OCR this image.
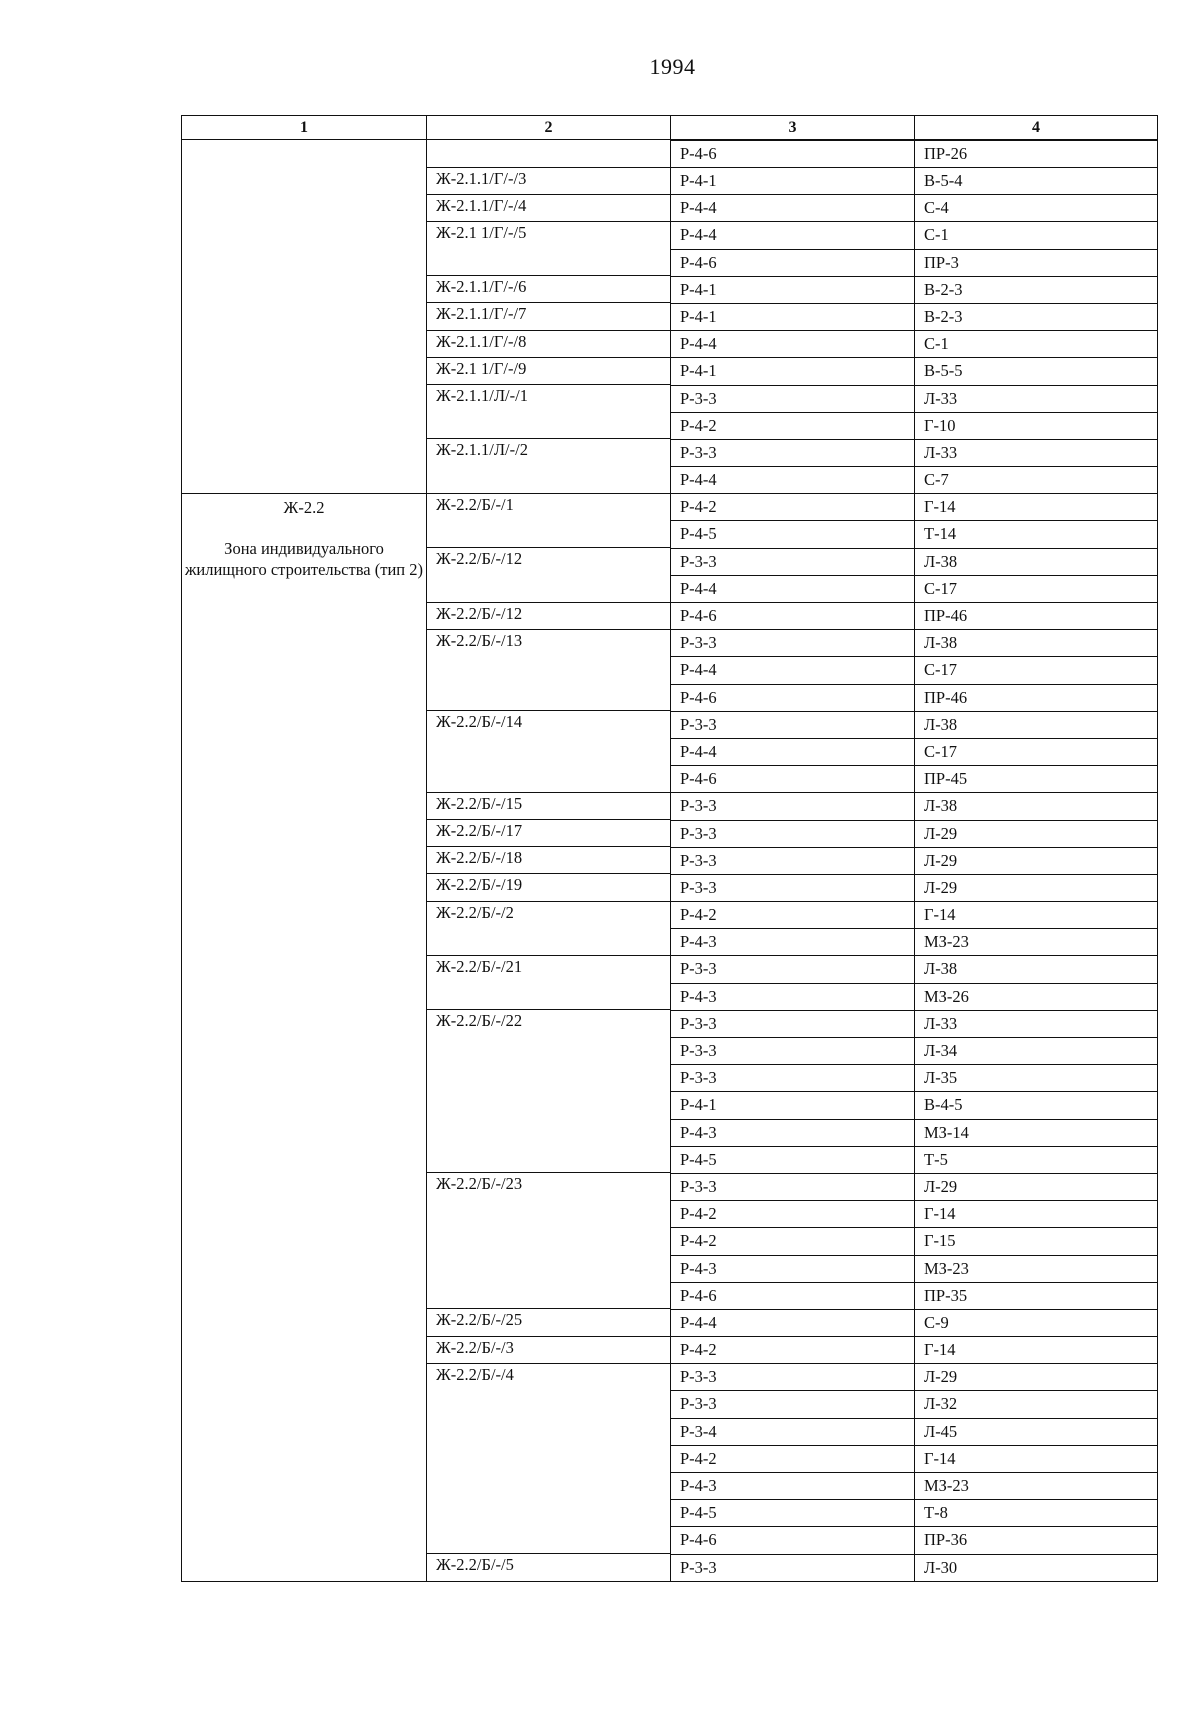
1994
1	2	3	4

		Р-4-6	ПР-26

	Ж-2.1.1/Г/-/3	Р-4-1	В-5-4

	Ж-2.1.1/Г/-/4	Р-4-4	С-4

	Ж-2.1 1/Г/-/5	Р-4-4	С-1

		Р-4-6	ПР-3

	Ж-2.1.1/Г/-/6	Р-4-1	В-2-3

	Ж-2.1.1/Г/-/7	Р-4-1	В-2-3

	Ж-2.1.1/Г/-/8	Р-4-4	С-1

	Ж-2.1 1/Г/-/9	Р-4-1	В-5-5

	Ж-2.1.1/Л/-/1	Р-3-3	Л-33

		Р-4-2	Г-10

	Ж-2.1.1/Л/-/2	Р-3-3	Л-33

		Р-4-4	С-7

Ж-2.2
Зона индивидуального жилищного строительства (тип 2)	Ж-2.2/Б/-/1	Р-4-2	Г-14

		Р-4-5	Т-14

	Ж-2.2/Б/-/12	Р-3-3	Л-38

		Р-4-4	С-17

	Ж-2.2/Б/-/12	Р-4-6	ПР-46

	Ж-2.2/Б/-/13	Р-3-3	Л-38

		Р-4-4	С-17

		Р-4-6	ПР-46

	Ж-2.2/Б/-/14	Р-3-3	Л-38

		Р-4-4	С-17

		Р-4-6	ПР-45

	Ж-2.2/Б/-/15	Р-3-3	Л-38

	Ж-2.2/Б/-/17	Р-3-3	Л-29

	Ж-2.2/Б/-/18	Р-3-3	Л-29

	Ж-2.2/Б/-/19	Р-3-3	Л-29

	Ж-2.2/Б/-/2	Р-4-2	Г-14

		Р-4-3	МЗ-23

	Ж-2.2/Б/-/21	Р-3-3	Л-38

		Р-4-3	МЗ-26

	Ж-2.2/Б/-/22	Р-3-3	Л-33

		Р-3-3	Л-34

		Р-3-3	Л-35

		Р-4-1	В-4-5

		Р-4-3	МЗ-14

		Р-4-5	Т-5

	Ж-2.2/Б/-/23	Р-3-3	Л-29

		Р-4-2	Г-14

		Р-4-2	Г-15

		Р-4-3	МЗ-23

		Р-4-6	ПР-35

	Ж-2.2/Б/-/25	Р-4-4	С-9

	Ж-2.2/Б/-/3	Р-4-2	Г-14

	Ж-2.2/Б/-/4	Р-3-3	Л-29

		Р-3-3	Л-32

		Р-3-4	Л-45

		Р-4-2	Г-14

		Р-4-3	МЗ-23

		Р-4-5	Т-8

		Р-4-6	ПР-36

	Ж-2.2/Б/-/5	Р-3-3	Л-30
